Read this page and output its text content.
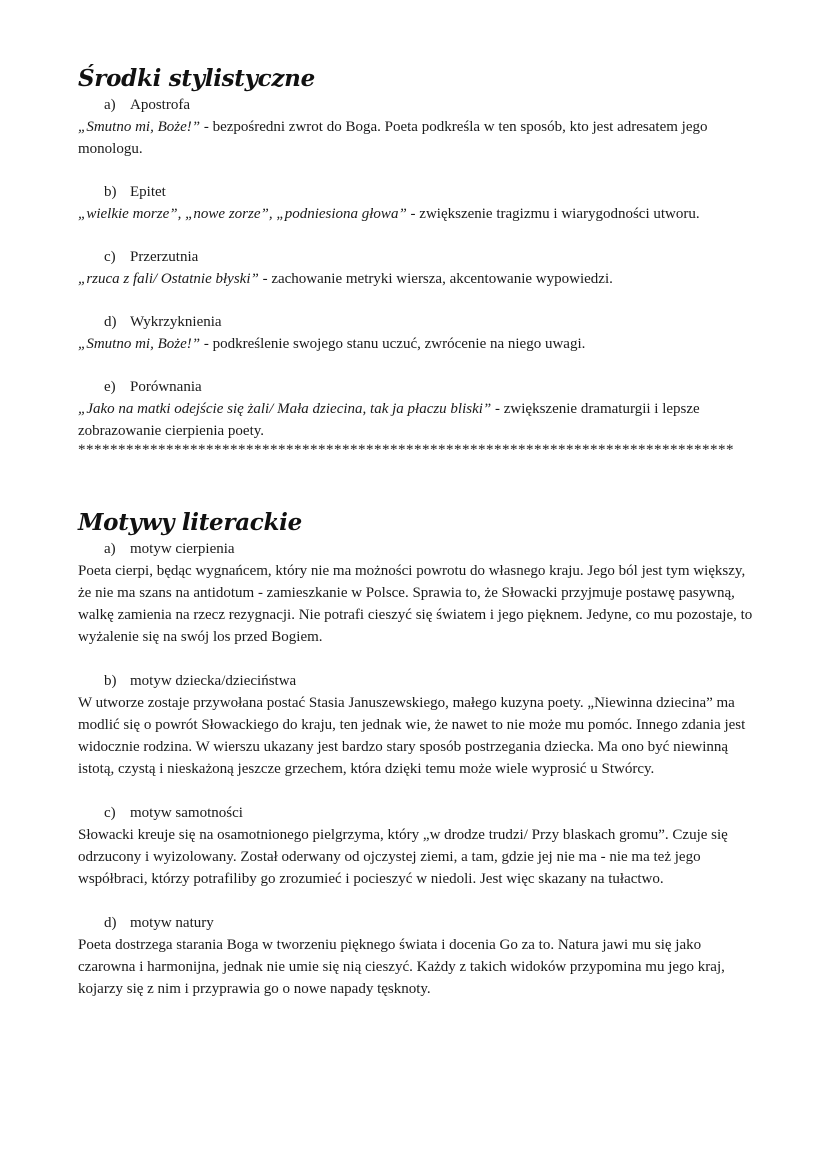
Środki stylistyczne

a) Apostrofa

„Smutno mi, Boże!” - bezpośredni zwrot do Boga. Poeta podkreśla w ten sposób, kto jest adresatem jego monologu.

b) Epitet

„wielkie morze”, „nowe zorze”, „podniesiona głowa” - zwiększenie tragizmu i wiarygodności utworu.

c) Przerzutnia

„rzuca z fali/ Ostatnie błyski” - zachowanie metryki wiersza, akcentowanie wypowiedzi.

d) Wykrzyknienia

„Smutno mi, Boże!” - podkreślenie swojego stanu uczuć, zwrócenie na niego uwagi.

e) Porównania

„Jako na matki odejście się żali/ Mała dziecina, tak ja płaczu bliski” - zwiększenie dramaturgii i lepsze zobrazowanie cierpienia poety.

**********************************************************************************

Motywy literackie

a) motyw cierpienia

Poeta cierpi, będąc wygnańcem, który nie ma możności powrotu do własnego kraju. Jego ból jest tym większy, że nie ma szans na antidotum - zamieszkanie w Polsce. Sprawia to, że Słowacki przyjmuje postawę pasywną, walkę zamienia na rzecz rezygnacji. Nie potrafi cieszyć się światem i jego pięknem. Jedyne, co mu pozostaje, to wyżalenie się na swój los przed Bogiem.

b) motyw dziecka/dzieciństwa

W utworze zostaje przywołana postać Stasia Januszewskiego, małego kuzyna poety. „Niewinna dziecina” ma modlić się o powrót Słowackiego do kraju, ten jednak wie, że nawet to nie może mu pomóc. Innego zdania jest widocznie rodzina. W wierszu ukazany jest bardzo stary sposób postrzegania dziecka. Ma ono być niewinną istotą, czystą i nieskażoną jeszcze grzechem, która dzięki temu może wiele wyprosić u Stwórcy.

c) motyw samotności

Słowacki kreuje się na osamotnionego pielgrzyma, który „w drodze trudzi/ Przy blaskach gromu”. Czuje się odrzucony i wyizolowany. Został oderwany od ojczystej ziemi, a tam, gdzie jej nie ma - nie ma też jego współbraci, którzy potrafiliby go zrozumieć i pocieszyć w niedoli. Jest więc skazany na tułactwo.

d) motyw natury

Poeta dostrzega starania Boga w tworzeniu pięknego świata i docenia Go za to. Natura jawi mu się jako czarowna i harmonijna, jednak nie umie się nią cieszyć. Każdy z takich widoków przypomina mu jego kraj, kojarzy się z nim i przyprawia go o nowe napady tęsknoty.
